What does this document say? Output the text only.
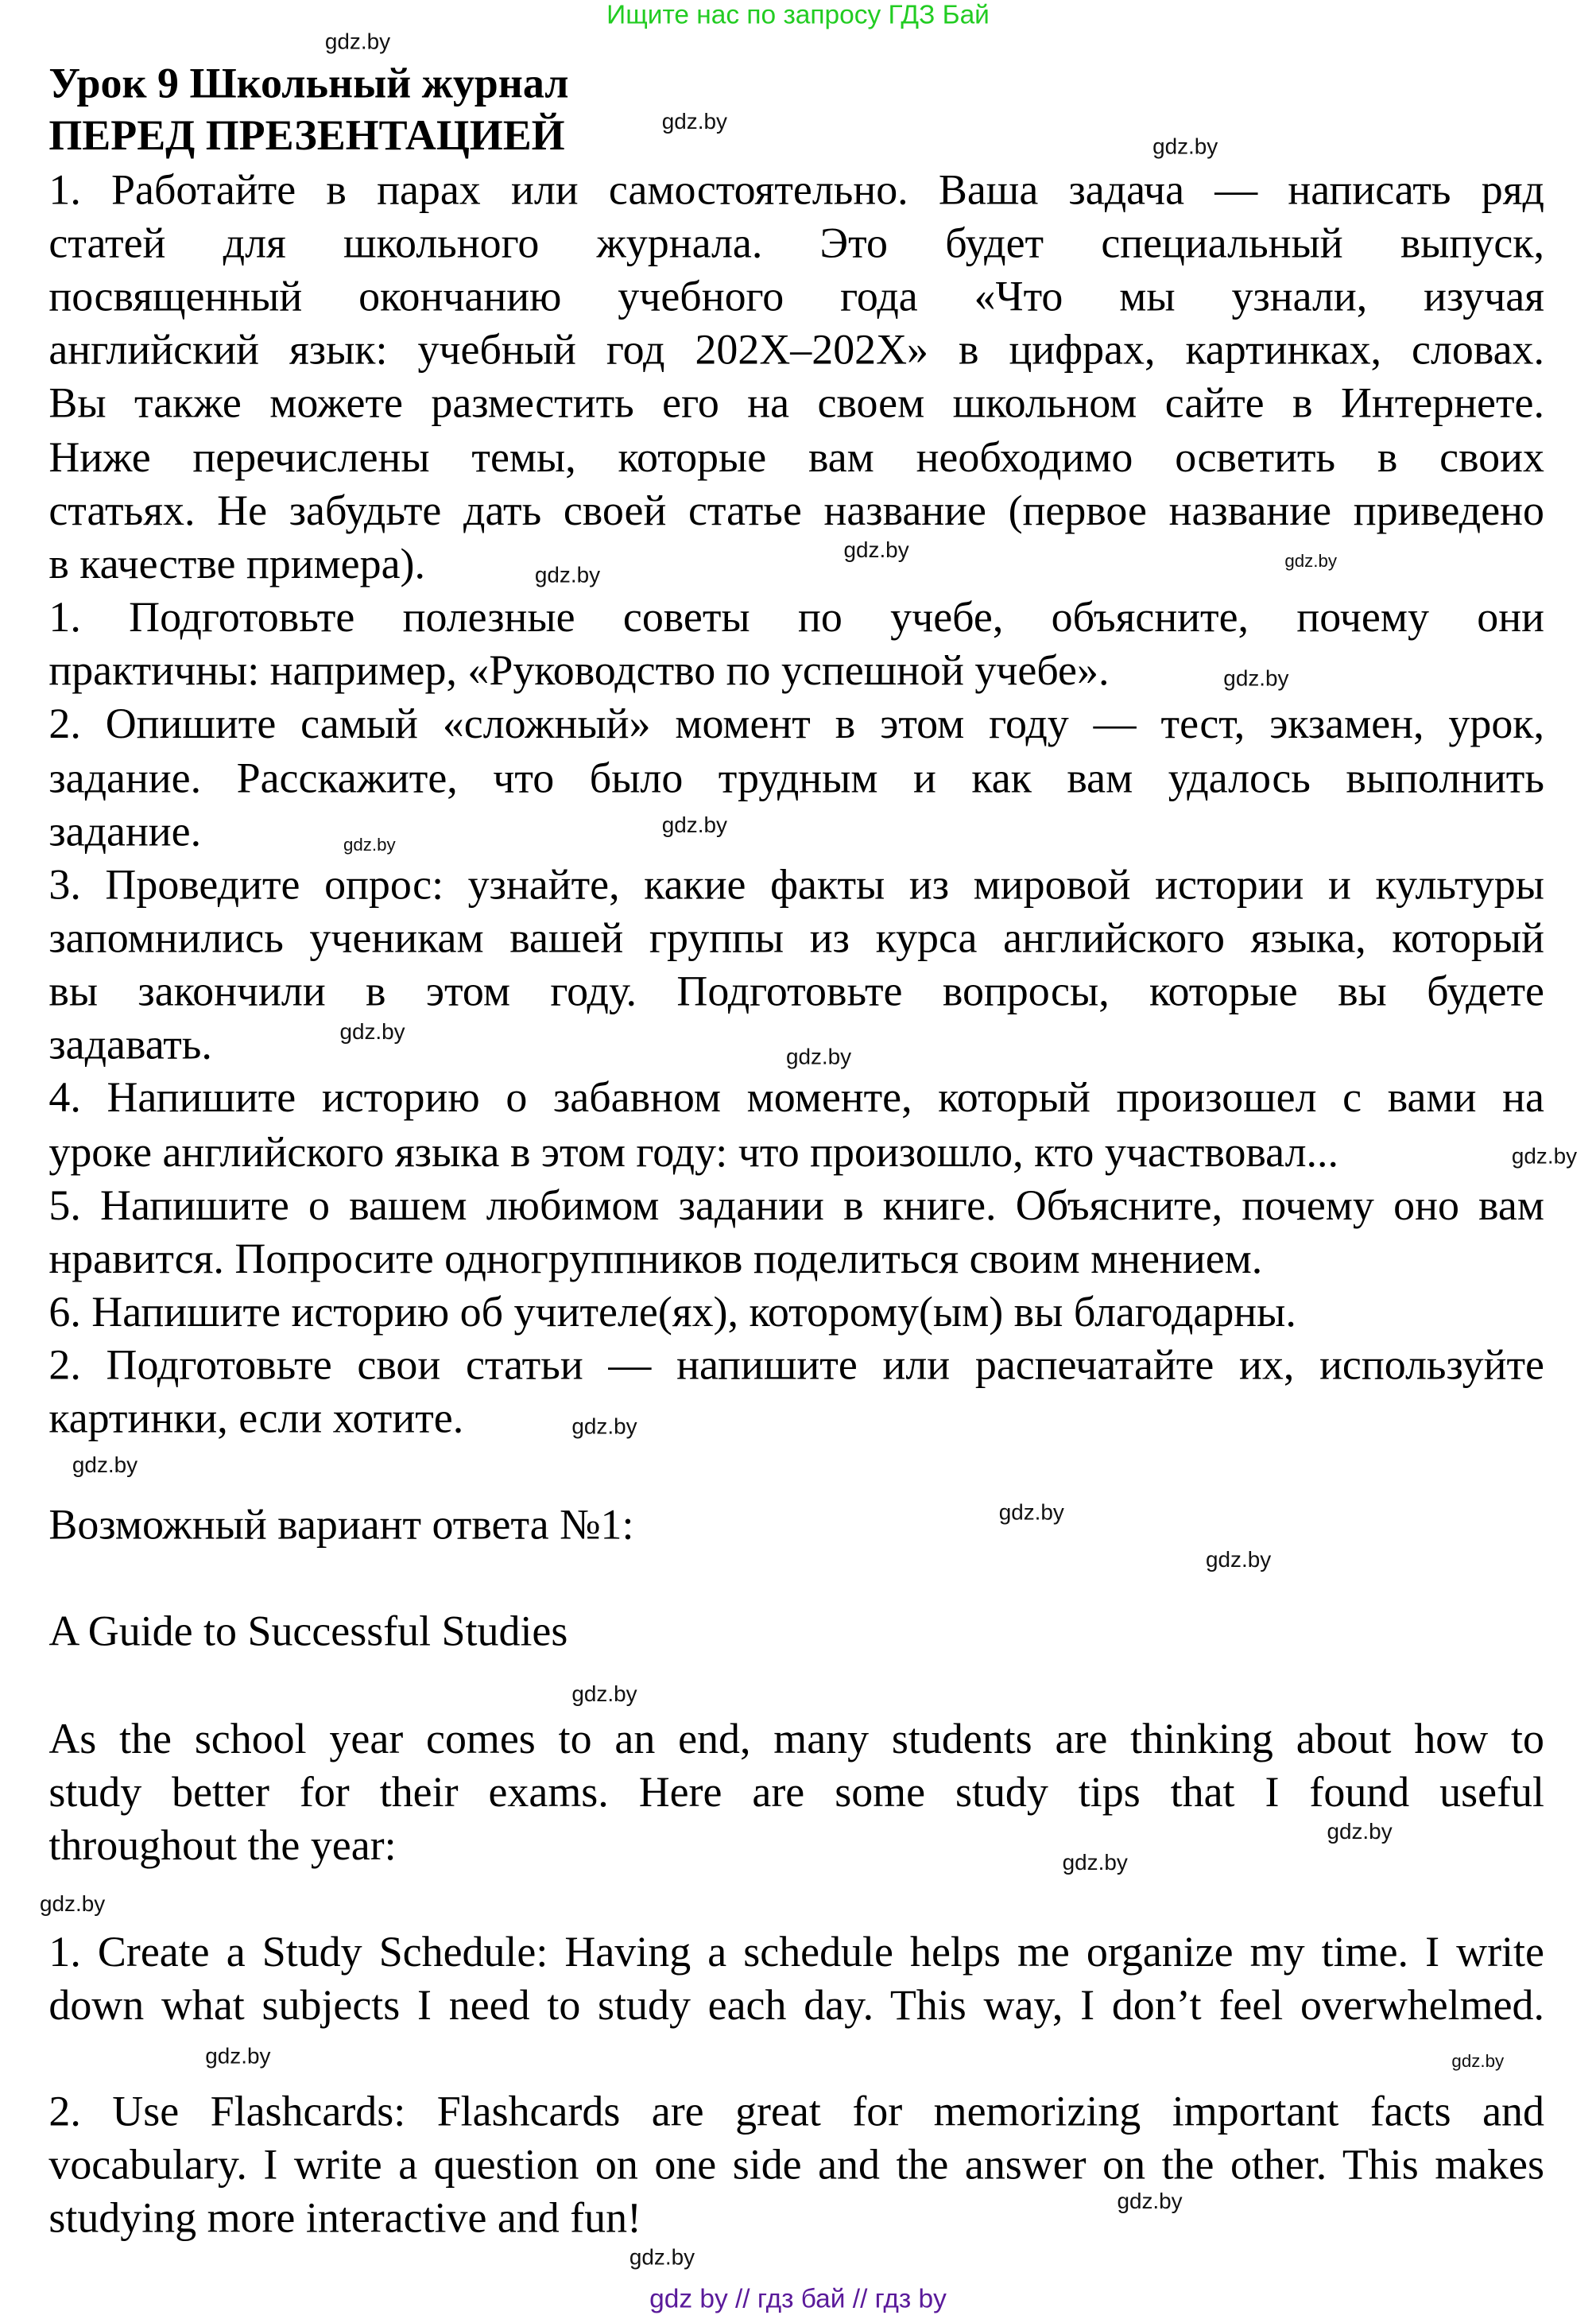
Ищите нас по запросу ГДЗ Бай
Урок 9 Школьный журнал
ПЕРЕД ПРЕЗЕНТАЦИЕЙ
1. Работайте в парах или самостоятельно. Ваша задача — написать ряд
статей для школьного журнала. Это будет специальный выпуск,
посвященный окончанию учебного года «Что мы узнали, изучая
английский язык: учебный год 202X–202X» в цифрах, картинках, словах.
Вы также можете разместить его на своем школьном сайте в Интернете.
Ниже перечислены темы, которые вам необходимо осветить в своих
статьях. Не забудьте дать своей статье название (первое название приведено
в качестве примера).
1. Подготовьте полезные советы по учебе, объясните, почему они
практичны: например, «Руководство по успешной учебе».
2. Опишите самый «сложный» момент в этом году — тест, экзамен, урок,
задание. Расскажите, что было трудным и как вам удалось выполнить
задание.
3. Проведите опрос: узнайте, какие факты из мировой истории и культуры
запомнились ученикам вашей группы из курса английского языка, который
вы закончили в этом году. Подготовьте вопросы, которые вы будете
задавать.
4. Напишите историю о забавном моменте, который произошел с вами на
уроке английского языка в этом году: что произошло, кто участвовал...
5. Напишите о вашем любимом задании в книге. Объясните, почему оно вам
нравится. Попросите одногруппников поделиться своим мнением.
6. Напишите историю об учителе(ях), которому(ым) вы благодарны.
2. Подготовьте свои статьи — напишите или распечатайте их, используйте
картинки, если хотите.
Возможный вариант ответа №1:
A Guide to Successful Studies
As the school year comes to an end, many students are thinking about how to
study better for their exams. Here are some study tips that I found useful
throughout the year:
1. Create a Study Schedule: Having a schedule helps me organize my time. I write
down what subjects I need to study each day. This way, I don’t feel overwhelmed.
2. Use Flashcards: Flashcards are great for memorizing important facts and
vocabulary. I write a question on one side and the answer on the other. This makes
studying more interactive and fun!
gdz.by
gdz.by
gdz.by
gdz.by
gdz.by
gdz.by
gdz.by
gdz.by
gdz.by
gdz.by
gdz.by
gdz.by
gdz.by
gdz.by
gdz.by
gdz.by
gdz.by
gdz.by
gdz.by
gdz.by
gdz.by	gdz.by
gdz.by
gdz.by
gdz by // гдз бай // гдз by
